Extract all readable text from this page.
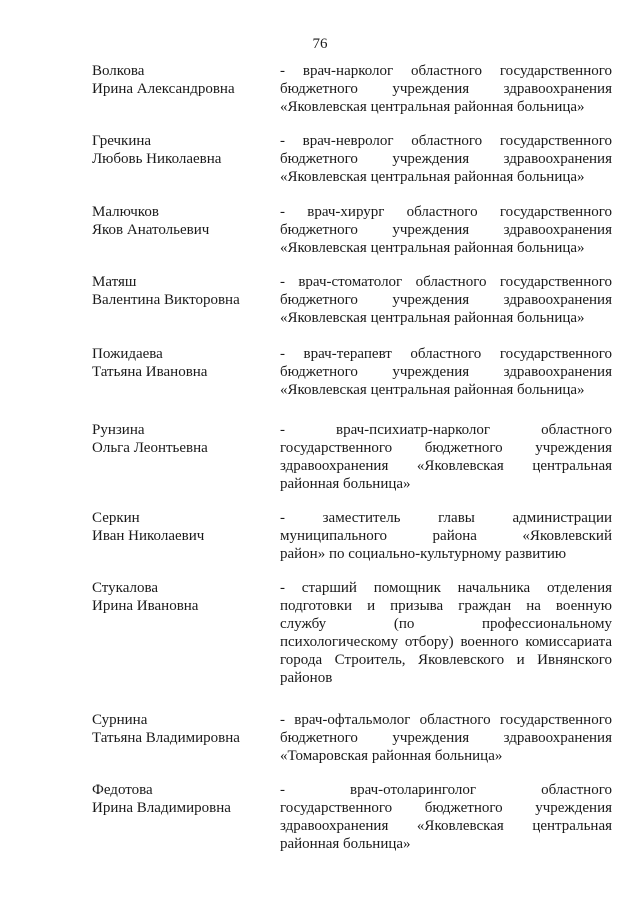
76
Волкова
Ирина Александровна
- врач-нарколог областного государственного
бюджетного учреждения здравоохранения
«Яковлевская центральная районная больница»
Гречкина
Любовь Николаевна
- врач-невролог областного государственного
бюджетного учреждения здравоохранения
«Яковлевская центральная районная больница»
Малючков
Яков Анатольевич
- врач-хирург областного государственного
бюджетного учреждения здравоохранения
«Яковлевская центральная районная больница»
Матяш
Валентина Викторовна
- врач-стоматолог областного государственного
бюджетного учреждения здравоохранения
«Яковлевская центральная районная больница»
Пожидаева
Татьяна Ивановна
- врач-терапевт областного государственного
бюджетного учреждения здравоохранения
«Яковлевская центральная районная больница»
Рунзина
Ольга Леонтьевна
- врач-психиатр-нарколог областного
государственного бюджетного учреждения
здравоохранения «Яковлевская центральная
районная больница»
Серкин
Иван Николаевич
- заместитель главы администрации
муниципального района «Яковлевский
район» по социально-культурному развитию
Стукалова
Ирина Ивановна
- старший помощник начальника отделения
подготовки и призыва граждан на военную
службу (по профессиональному
психологическому отбору) военного комиссариата
города Строитель, Яковлевского и Ивнянского
районов
Сурнина
Татьяна Владимировна
- врач-офтальмолог областного государственного
бюджетного учреждения здравоохранения
«Томаровская районная больница»
Федотова
Ирина Владимировна
- врач-отоларинголог областного
государственного бюджетного учреждения
здравоохранения «Яковлевская центральная
районная больница»
